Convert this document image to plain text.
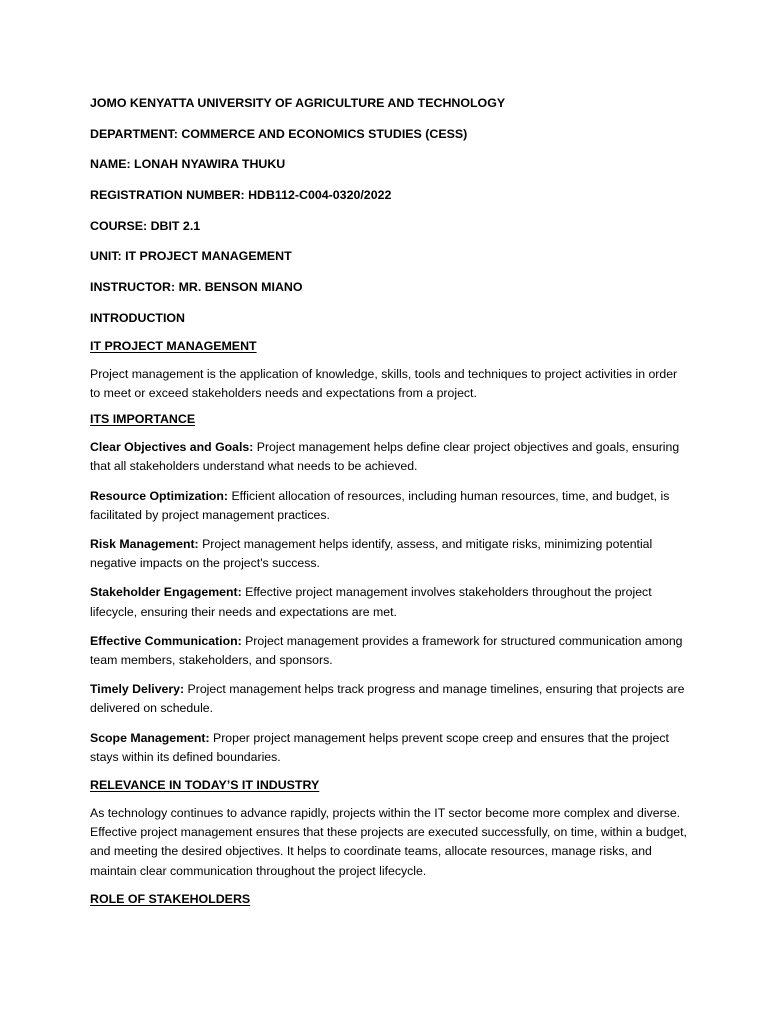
JOMO KENYATTA UNIVERSITY OF AGRICULTURE AND TECHNOLOGY
DEPARTMENT: COMMERCE AND ECONOMICS STUDIES (CESS)
NAME: LONAH NYAWIRA THUKU
REGISTRATION NUMBER: HDB112-C004-0320/2022
COURSE: DBIT 2.1
UNIT: IT PROJECT MANAGEMENT
INSTRUCTOR: MR. BENSON MIANO
INTRODUCTION
IT PROJECT MANAGEMENT

Project management is the application of knowledge, skills, tools and techniques to project activities in order to meet or exceed stakeholders needs and expectations from a project.

ITS IMPORTANCE

Clear Objectives and Goals: Project management helps define clear project objectives and goals, ensuring that all stakeholders understand what needs to be achieved.

Resource Optimization: Efficient allocation of resources, including human resources, time, and budget, is facilitated by project management practices.

Risk Management: Project management helps identify, assess, and mitigate risks, minimizing potential negative impacts on the project's success.

Stakeholder Engagement: Effective project management involves stakeholders throughout the project lifecycle, ensuring their needs and expectations are met.

Effective Communication: Project management provides a framework for structured communication among team members, stakeholders, and sponsors.

Timely Delivery: Project management helps track progress and manage timelines, ensuring that projects are delivered on schedule.

Scope Management: Proper project management helps prevent scope creep and ensures that the project stays within its defined boundaries.

RELEVANCE IN TODAY’S IT INDUSTRY

As technology continues to advance rapidly, projects within the IT sector become more complex and diverse. Effective project management ensures that these projects are executed successfully, on time, within a budget, and meeting the desired objectives. It helps to coordinate teams, allocate resources, manage risks, and maintain clear communication throughout the project lifecycle.

ROLE OF STAKEHOLDERS
